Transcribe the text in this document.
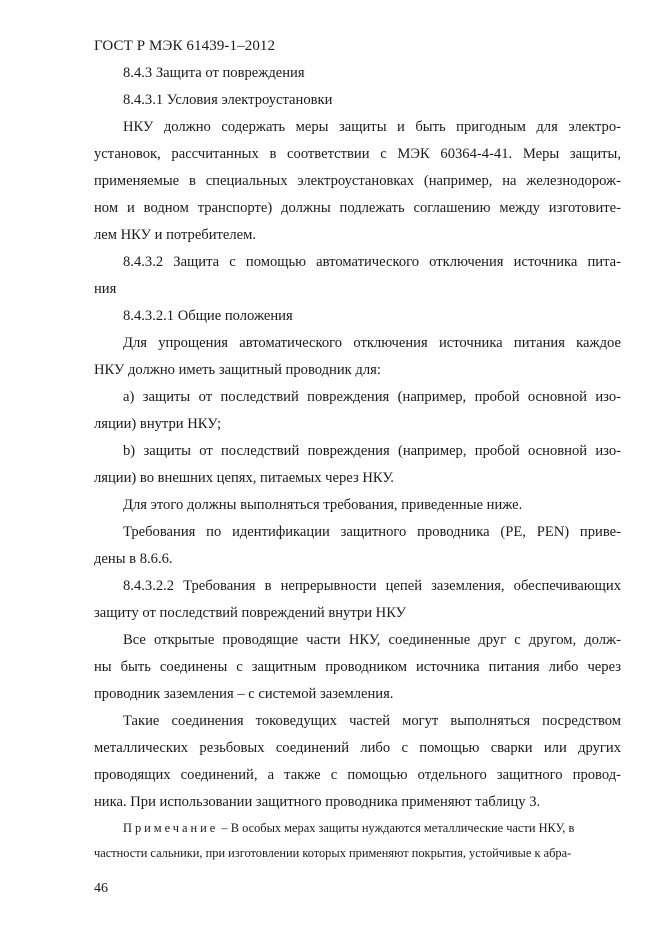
ГОСТ Р МЭК 61439-1–2012
8.4.3 Защита от повреждения
8.4.3.1 Условия электроустановки
НКУ должно содержать меры защиты и быть пригодным для электро-
установок, рассчитанных в соответствии с МЭК 60364-4-41. Меры защиты,
применяемые в специальных электроустановках (например, на железнодорож-
ном и водном транспорте) должны подлежать соглашению между изготовите-
лем НКУ и потребителем.
8.4.3.2 Защита с помощью автоматического отключения источника пита-
ния
8.4.3.2.1 Общие положения
Для упрощения автоматического отключения источника питания каждое
НКУ должно иметь защитный проводник для:
a) защиты от последствий повреждения (например, пробой основной изо-
ляции) внутри НКУ;
b) защиты от последствий повреждения (например, пробой основной изо-
ляции) во внешних цепях, питаемых через НКУ.
Для этого должны выполняться требования, приведенные ниже.
Требования по идентификации защитного проводника (PE, PEN) приве-
дены в 8.6.6.
8.4.3.2.2 Требования в непрерывности цепей заземления, обеспечивающих
защиту от последствий повреждений внутри НКУ
Все открытые проводящие части НКУ, соединенные друг с другом, долж-
ны быть соединены с защитным проводником источника питания либо через
проводник заземления – с системой заземления.
Такие соединения токоведущих частей могут выполняться посредством
металлических резьбовых соединений либо с помощью сварки или других
проводящих соединений, а также с помощью отдельного защитного провод-
ника. При использовании защитного проводника применяют таблицу 3.
Примечание – В особых мерах защиты нуждаются металлические части НКУ, в
частности сальники, при изготовлении которых применяют покрытия, устойчивые к абра-
46
